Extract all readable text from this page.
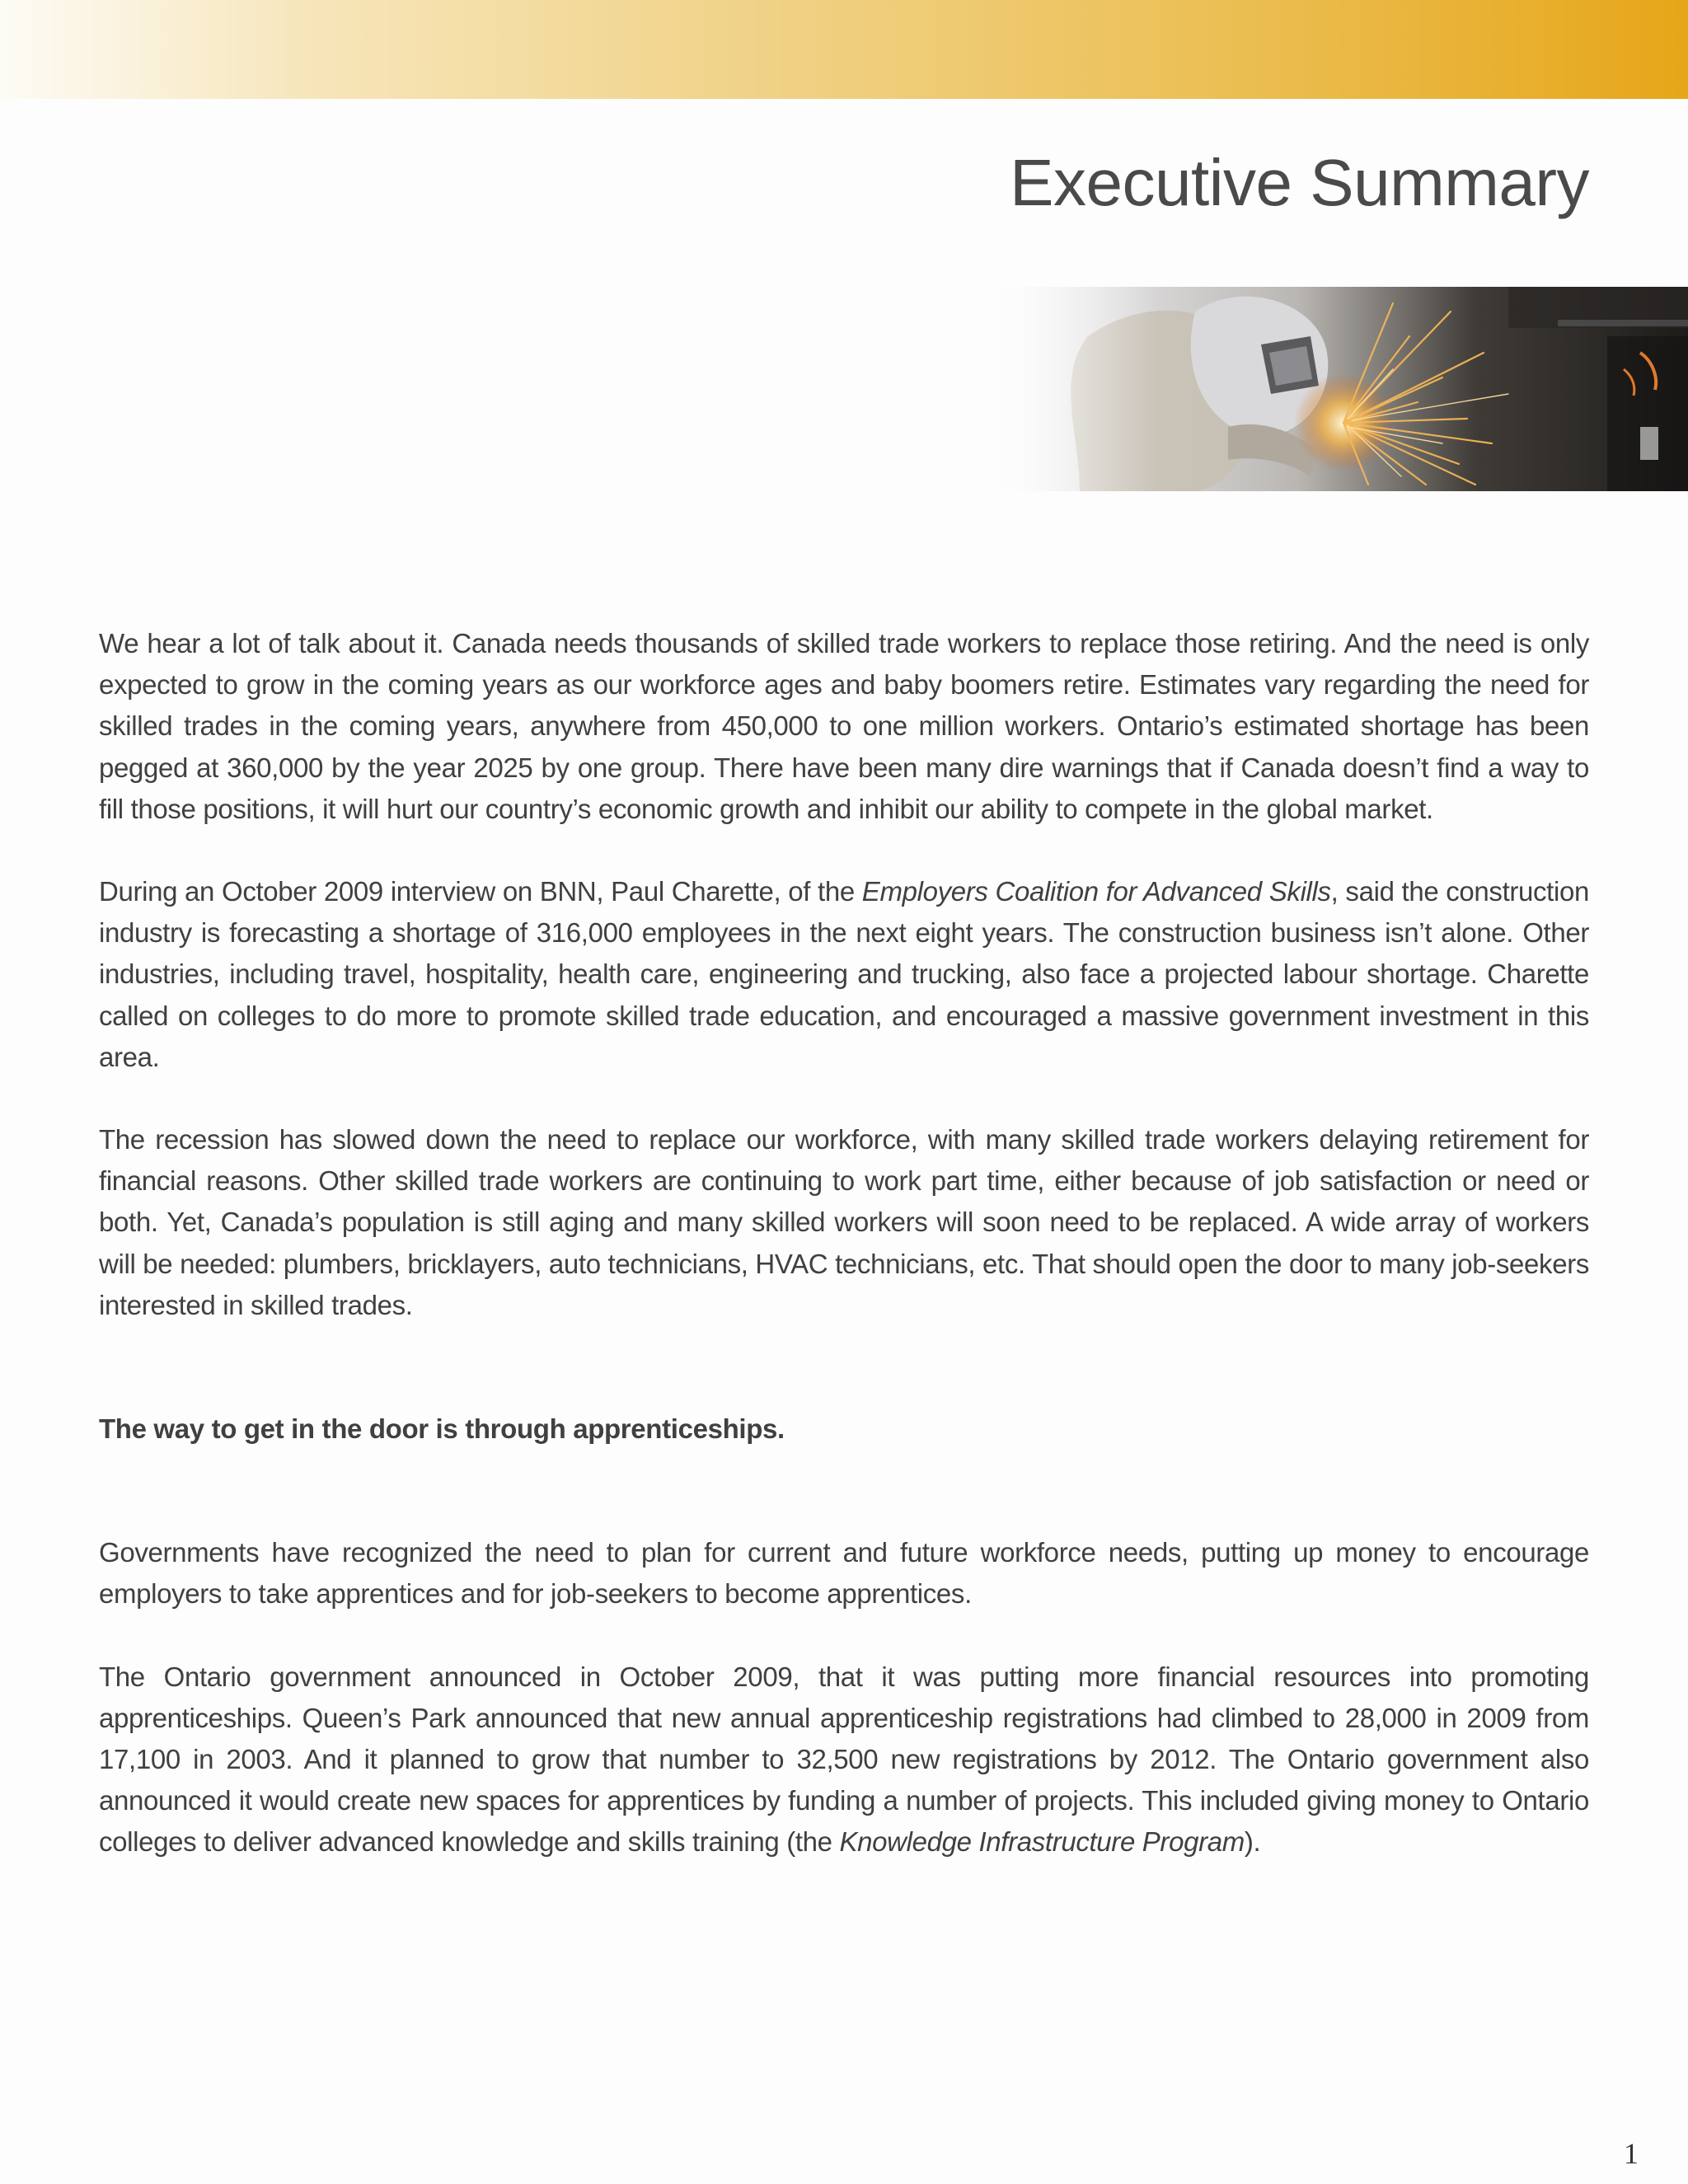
Executive Summary

We hear a lot of talk about it. Canada needs thousands of skilled trade workers to replace those retiring. And the need is only expected to grow in the coming years as our workforce ages and baby boomers retire. Estimates vary regarding the need for skilled trades in the coming years, anywhere from 450,000 to one million workers. Ontario’s estimated shortage has been pegged at 360,000 by the year 2025 by one group. There have been many dire warnings that if Canada doesn’t find a way to fill those positions, it will hurt our country’s economic growth and inhibit our ability to compete in the global market.

During an October 2009 interview on BNN, Paul Charette, of the Employers Coalition for Advanced Skills, said the construction industry is forecasting a shortage of 316,000 employees in the next eight years. The construction business isn’t alone. Other industries, including travel, hospitality, health care, engineering and trucking, also face a projected labour shortage. Charette called on colleges to do more to promote skilled trade education, and encouraged a massive government investment in this area.

The recession has slowed down the need to replace our workforce, with many skilled trade workers delaying retirement for financial reasons. Other skilled trade workers are continuing to work part time, either because of job satisfaction or need or both. Yet, Canada’s population is still aging and many skilled workers will soon need to be replaced. A wide array of workers will be needed: plumbers, bricklayers, auto technicians, HVAC technicians, etc. That should open the door to many job-seekers interested in skilled trades.

The way to get in the door is through apprenticeships.

Governments have recognized the need to plan for current and future workforce needs, putting up money to encourage employers to take apprentices and for job-seekers to become apprentices.

The Ontario government announced in October 2009, that it was putting more financial resources into promoting apprenticeships. Queen’s Park announced that new annual apprenticeship registrations had climbed to 28,000 in 2009 from 17,100 in 2003. And it planned to grow that number to 32,500 new registrations by 2012. The Ontario government also announced it would create new spaces for apprentices by funding a number of projects. This included giving money to Ontario colleges to deliver advanced knowledge and skills training (the Knowledge Infrastructure Program).

1
